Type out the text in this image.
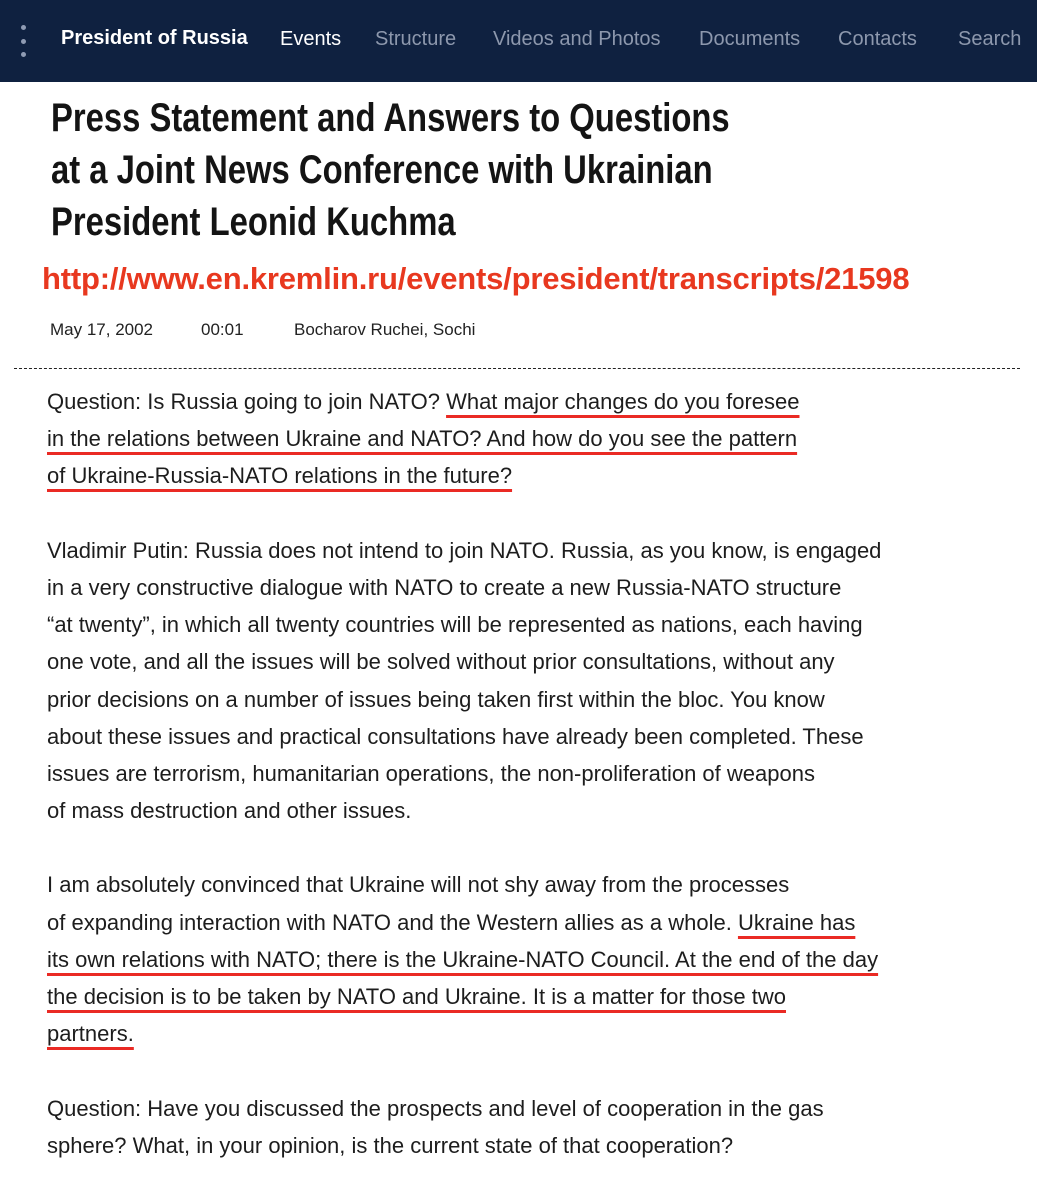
President of Russia Events Structure Videos and Photos Documents Contacts Search
Press Statement and Answers to Questions
at a Joint News Conference with Ukrainian
President Leonid Kuchma
http://www.en.kremlin.ru/events/president/transcripts/21598
May 17, 2002	00:01	Bocharov Ruchei, Sochi
Question: Is Russia going to join NATO? What major changes do you foresee
in the relations between Ukraine and NATO? And how do you see the pattern
of Ukraine-Russia-NATO relations in the future?
Vladimir Putin: Russia does not intend to join NATO. Russia, as you know, is engaged
in a very constructive dialogue with NATO to create a new Russia-NATO structure
“at twenty”, in which all twenty countries will be represented as nations, each having
one vote, and all the issues will be solved without prior consultations, without any
prior decisions on a number of issues being taken first within the bloc. You know
about these issues and practical consultations have already been completed. These
issues are terrorism, humanitarian operations, the non-proliferation of weapons
of mass destruction and other issues.
I am absolutely convinced that Ukraine will not shy away from the processes
of expanding interaction with NATO and the Western allies as a whole. Ukraine has
its own relations with NATO; there is the Ukraine-NATO Council. At the end of the day
the decision is to be taken by NATO and Ukraine. It is a matter for those two
partners.
Question: Have you discussed the prospects and level of cooperation in the gas
sphere? What, in your opinion, is the current state of that cooperation?
